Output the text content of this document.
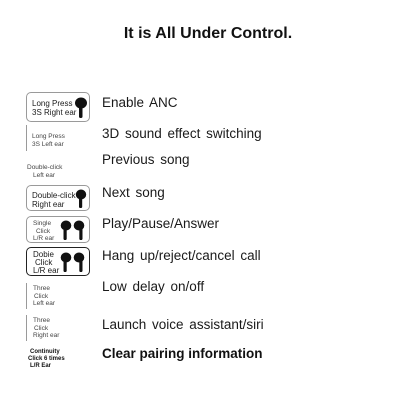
It is All Under Control.
Long Press
3S Right ear
Enable ANC
Long Press
3S Left ear
3D sound effect switching
Double-click
Left ear
Previous song
Double-click
Right ear
Next song
Single
Click
L/R ear
Play/Pause/Answer
Dobie
Click
L/R ear
Hang up/reject/cancel call
Three
Click
Left ear
Low delay on/off
Three
Click
Right ear
Launch voice assistant/siri
Continuity
Click 6 times
L/R Ear
Clear pairing information
